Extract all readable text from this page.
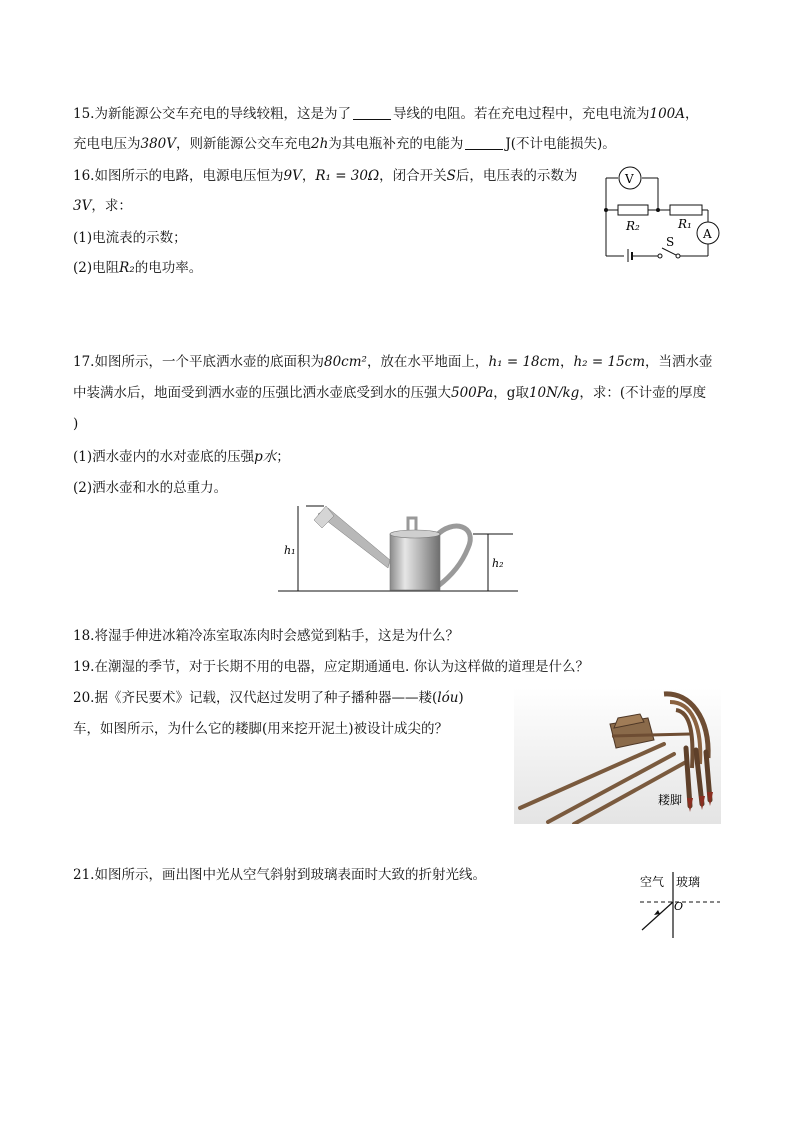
15.为新能源公交车充电的导线较粗，这是为了	导线的电阻。若在充电过程中，充电电流为100A，
充电电压为380V，则新能源公交车充电2h为其电瓶补充的电能为	J(不计电能损失)。
16.如图所示的电路，电源电压恒为9V，R₁ = 30Ω，闭合开关S后，电压表的示数为
3V，求：
(1)电流表的示数；
(2)电阻R₂的电功率。
V
A
R₂	R₁
S
17.如图所示，一个平底洒水壶的底面积为80cm²，放在水平地面上，h₁ = 18cm，h₂ = 15cm，当洒水壶
中装满水后，地面受到洒水壶的压强比洒水壶底受到水的压强大500Pa，g取10N/kg，求：(不计壶的厚度
)
(1)洒水壶内的水对壶底的压强p水；
(2)洒水壶和水的总重力。
h₁
h₂
18.将湿手伸进冰箱冷冻室取冻肉时会感觉到粘手，这是为什么？
19.在潮湿的季节，对于长期不用的电器，应定期通通电. 你认为这样做的道理是什么？
20.据《齐民要术》记载，汉代赵过发明了种子播种器——耧(lóu)
车，如图所示，为什么它的耧脚(用来挖开泥土)被设计成尖的？
耧脚
21.如图所示，画出图中光从空气斜射到玻璃表面时大致的折射光线。	空气 玻璃
O
